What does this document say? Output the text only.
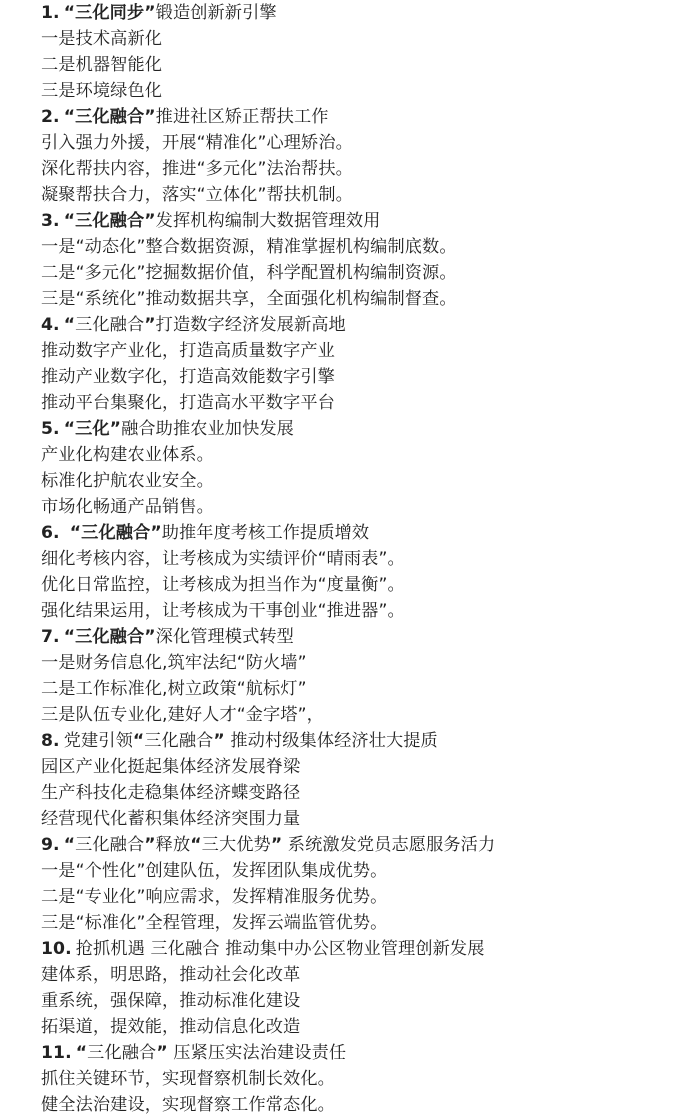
1. “三化同步”锻造创新新引擎
一是技术高新化
二是机器智能化
三是环境绿色化
2. “三化融合”推进社区矫正帮扶工作
引入强力外援，开展“精准化”心理矫治。
深化帮扶内容，推进“多元化”法治帮扶。
凝聚帮扶合力，落实“立体化”帮扶机制。
3. “三化融合”发挥机构编制大数据管理效用
一是“动态化”整合数据资源，精准掌握机构编制底数。
二是“多元化”挖掘数据价值，科学配置机构编制资源。
三是“系统化”推动数据共享，全面强化机构编制督查。
4. “三化融合”打造数字经济发展新高地
推动数字产业化，打造高质量数字产业
推动产业数字化，打造高效能数字引擎
推动平台集聚化，打造高水平数字平台
5. “三化”融合助推农业加快发展
产业化构建农业体系。
标准化护航农业安全。
市场化畅通产品销售。
6. “三化融合”助推年度考核工作提质增效
细化考核内容，让考核成为实绩评价“晴雨表”。
优化日常监控，让考核成为担当作为“度量衡”。
强化结果运用，让考核成为干事创业“推进器”。
7. “三化融合”深化管理模式转型
一是财务信息化,筑牢法纪“防火墙”
二是工作标准化,树立政策“航标灯”
三是队伍专业化,建好人才“金字塔”，
8. 党建引领“三化融合” 推动村级集体经济壮大提质
园区产业化挺起集体经济发展脊梁
生产科技化走稳集体经济蝶变路径
经营现代化蓄积集体经济突围力量
9. “三化融合”释放“三大优势” 系统激发党员志愿服务活力
一是“个性化”创建队伍，发挥团队集成优势。
二是“专业化”响应需求，发挥精准服务优势。
三是“标准化”全程管理，发挥云端监管优势。
10. 抢抓机遇 三化融合 推动集中办公区物业管理创新发展
建体系，明思路，推动社会化改革
重系统，强保障，推动标准化建设
拓渠道，提效能，推动信息化改造
11. “三化融合” 压紧压实法治建设责任
抓住关键环节，实现督察机制长效化。
健全法治建设，实现督察工作常态化。
